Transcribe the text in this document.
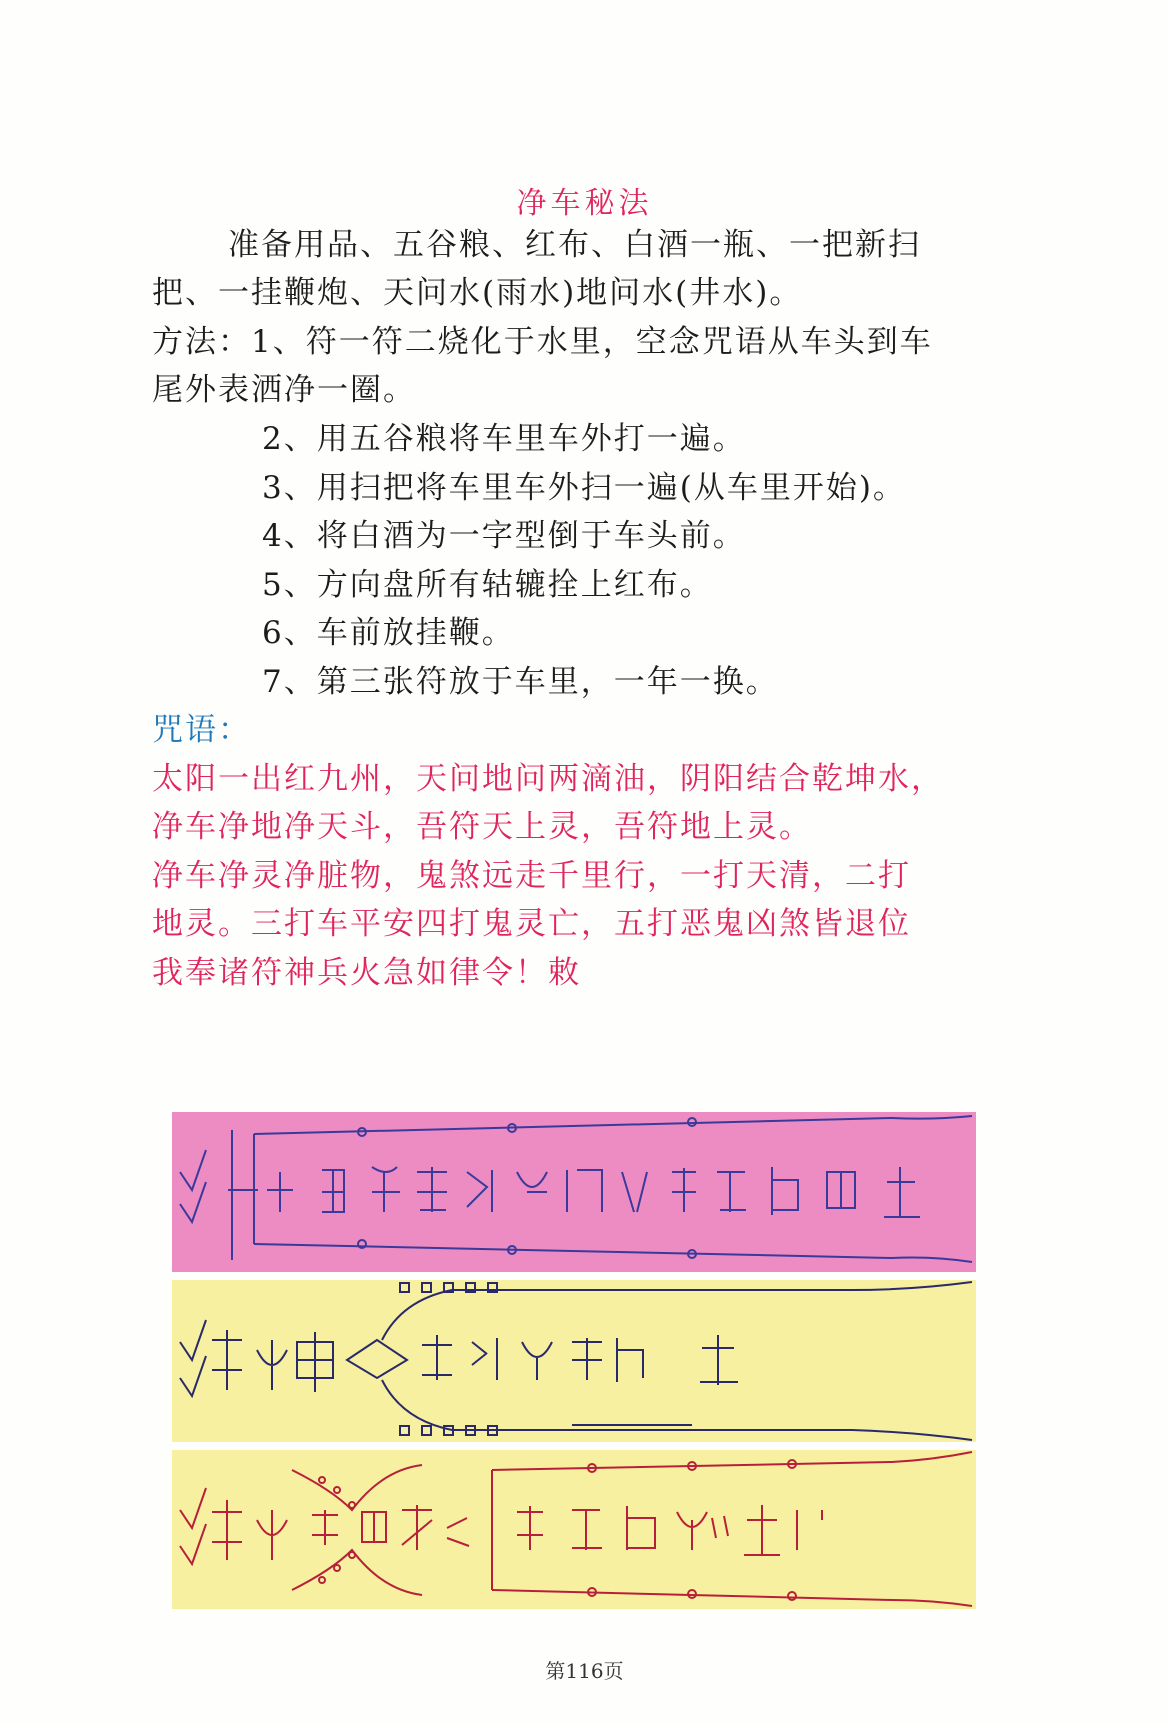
净车秘法
准备用品、五谷粮、红布、白酒一瓶、一把新扫
把、一挂鞭炮、天问水(雨水)地问水(井水)。
方法：1、符一符二烧化于水里，空念咒语从车头到车
尾外表洒净一圈。
2、用五谷粮将车里车外打一遍。
3、用扫把将车里车外扫一遍(从车里开始)。
4、将白酒为一字型倒于车头前。
5、方向盘所有轱辘拴上红布。
6、车前放挂鞭。
7、第三张符放于车里，一年一换。
咒语：
太阳一出红九州，天问地问两滴油，阴阳结合乾坤水，
净车净地净天斗，吾符天上灵，吾符地上灵。
净车净灵净脏物，鬼煞远走千里行，一打天清，二打
地灵。三打车平安四打鬼灵亡，五打恶鬼凶煞皆退位
我奉诸符神兵火急如律令！敕
第116页
